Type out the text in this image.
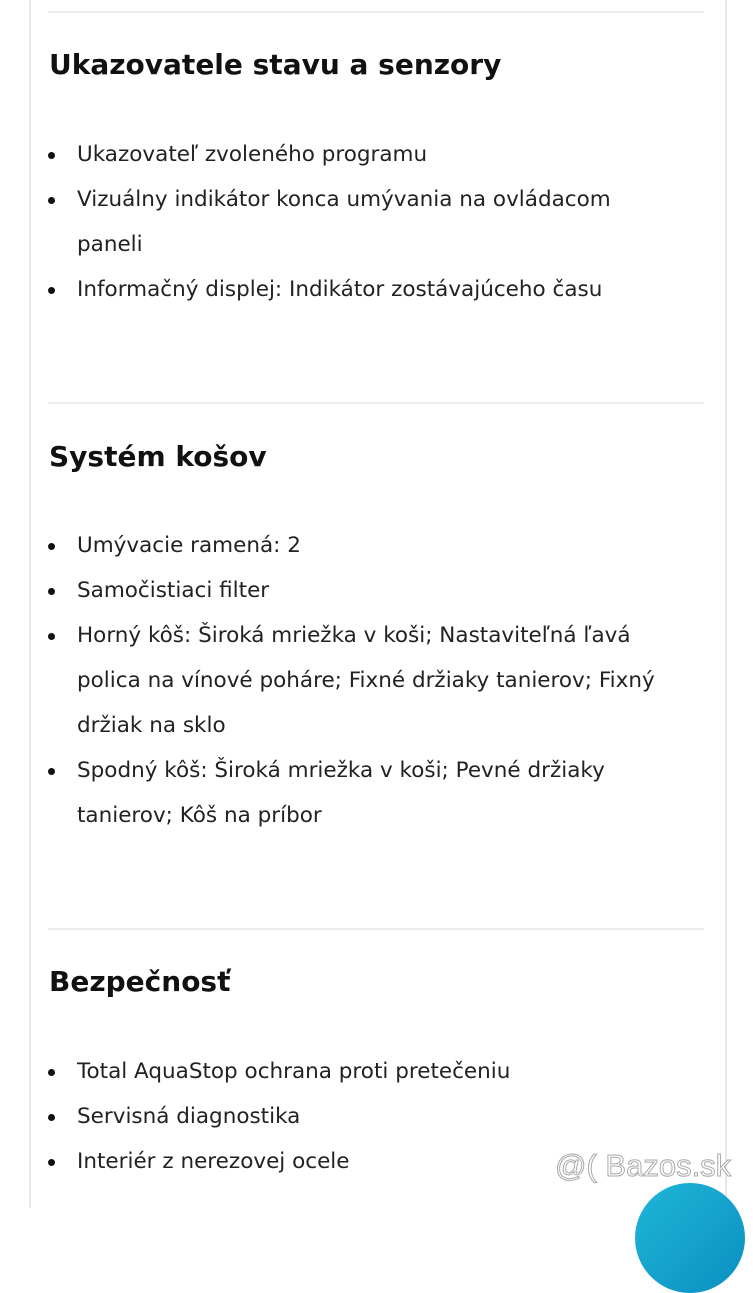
Ukazovatele stavu a senzory
Ukazovateľ zvoleného programu
Vizuálny indikátor konca umývania na ovládacom paneli
Informačný displej: Indikátor zostávajúceho času
Systém košov
Umývacie ramená: 2
Samočistiaci filter
Horný kôš: Široká mriežka v koši; Nastaviteľná ľavá polica na vínové poháre; Fixné držiaky tanierov; Fixný držiak na sklo
Spodný kôš: Široká mriežka v koši; Pevné držiaky tanierov; Kôš na príbor
Bezpečnosť
Total AquaStop ochrana proti pretečeniu
Servisná diagnostika
Interiér z nerezovej ocele	@( Bazos.sk
